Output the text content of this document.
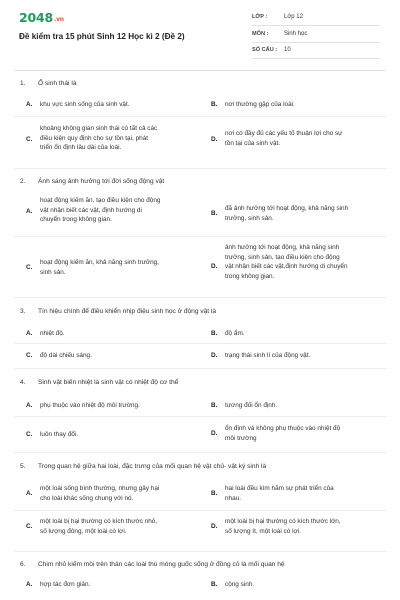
2048.vn
Đề kiểm tra 15 phút Sinh 12 Học kì 2 (Đề 2)
LỚP :	Lớp 12
MÔN :	Sinh học
SỐ CÂU : 10
1. Ổ sinh thái là
A. khu vực sinh sống của sinh vật.	B. nơi thường gặp của loài.
C.
khoảng không gian sinh thái có tất cả các
điều kiện quy định cho sự tồn tại, phát
triển ổn định lâu dài của loài.
D.
nơi có đầy đủ các yếu tố thuận lợi cho sự
tồn tại của sinh vật.
2. Ánh sáng ảnh hưởng tới đời sống động vật
A.
hoạt động kiếm ăn, tạo điều kiện cho động
vật nhận biết các vật, định hướng di
chuyển trong không gian.
B.
đã ảnh hưởng tới hoạt động, khả năng sinh
trưởng, sinh sản.
C.
hoạt động kiếm ăn, khả năng sinh trưởng,
sinh sản.
D.
ảnh hưởng tới hoạt động, khả năng sinh
trưởng, sinh sản, tạo điều kiện cho động
vật nhận biết các vật,định hướng di chuyển
trong không gian.
3. Tín hiệu chính để điều khiển nhịp điệu sinh học ở động vật là
A. nhiệt độ.	B. độ ẩm.
C. độ dài chiếu sáng.	D. trạng thái sinh lí của động vật.
4. Sinh vật biến nhiệt là sinh vật có nhiệt độ cơ thể
A. phụ thuộc vào nhiệt độ môi trường.	B. tương đối ổn định.
C. luôn thay đổi.	D.
ổn định và không phụ thuộc vào nhiệt độ
môi trường
5. Trong quan hệ giữa hai loài, đặc trưng của mối quan hệ vật chủ- vật ký sinh là
A.
một loài sống bình thường, nhưng gây hại
cho loài khác sống chung với nó.
B.
hai loài đều kìm hãm sự phát triển của
nhau.
C.
một loài bị hại thường có kích thước nhỏ,
số lượng đông, một loài có lợi.
D.
một loài bị hại thường có kích thước lớn,
số lượng ít, một loài có lợi.
6. Chim nhỏ kiếm mồi trên thân các loài thú móng guốc sống ở đồng cỏ là mối quan hệ
A. hợp tác đơn giản.	B. cộng sinh.
